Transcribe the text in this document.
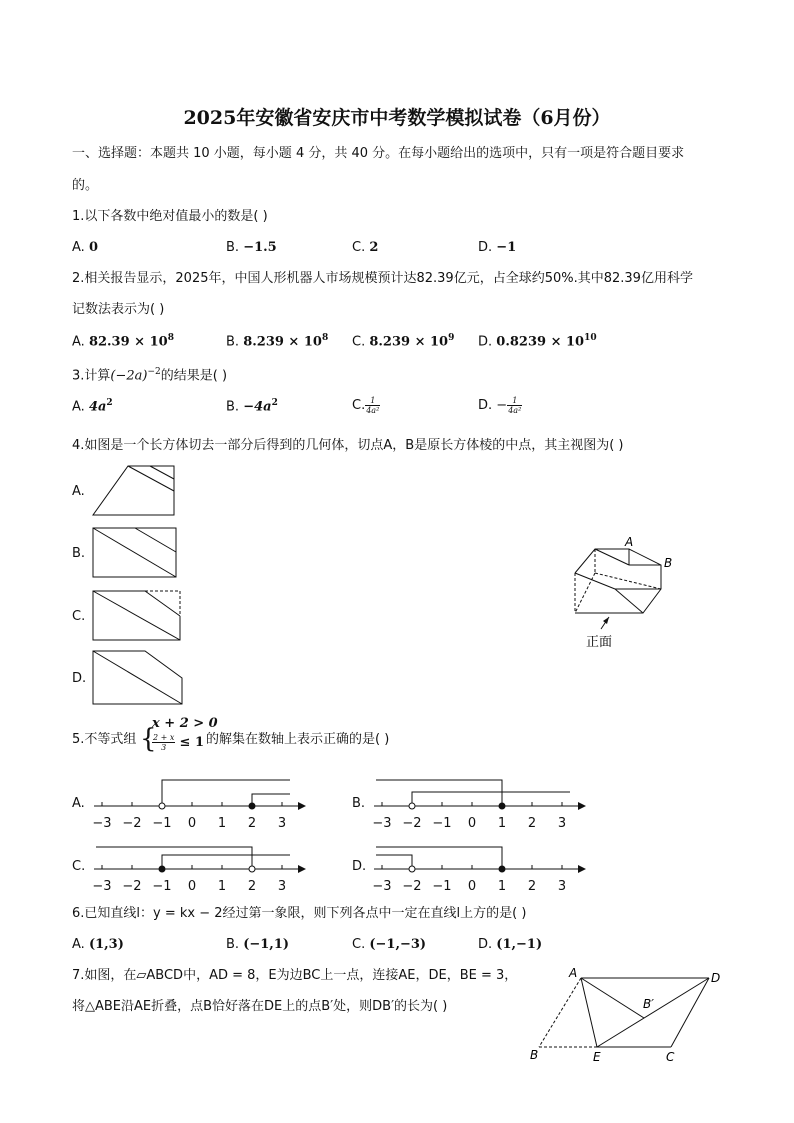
2025年安徽省安庆市中考数学模拟试卷（6月份）
一、选择题：本题共 10 小题，每小题 4 分，共 40 分。在每小题给出的选项中，只有一项是符合题目要求
的。
1.以下各数中绝对值最小的数是( )
A. 0	B. −1.5	C. 2	D. −1
2.相关报告显示，2025年，中国人形机器人市场规模预计达82.39亿元，占全球约50%.其中82.39亿用科学
记数法表示为( )
A. $82.39 \times 10^8$	B. $8.239 \times 10^8$ C. $8.239 \times 10^9$ D. $0.8239 \times 10^{10}$
3.计算$(-2a)^{-2}$的结果是( )
A. $4a^2$	B. $-4a^2$	C. $\frac{1}{\text{4a²}}$	D. − $\frac{1}{\text{4a²}}$
4.如图是一个长方体切去一部分后得到的几何体，切点A，B是原长方体棱的中点，其主视图为( )
A.
B.
C.
D.
A
B
正面
5.不等式组 {
x + 2 > 0
$\frac{2 + x}{3} \le 1$ 的解集在数轴上表示正确的是( )
A.	B.
C.	D.
−3 −2 −1 0 1 2 3	−3 −2 −1 0 1 2 3
−3 −2 −1 0 1 2 3	−3 −2 −1 0 1 2 3
6.已知直线l：y = kx − 2经过第一象限，则下列各点中一定在直线l上方的是( )
A. (1,3)	B. (−1,1)	C. (−1,−3)	D. (1,−1)
7.如图，在▱ABCD中，AD = 8，E为边BC上一点，连接AE，DE，BE = 3，
将△ABE沿AE折叠，点B恰好落在DE上的点B′处，则DB′的长为( )
A	D
B	E	C
B′
